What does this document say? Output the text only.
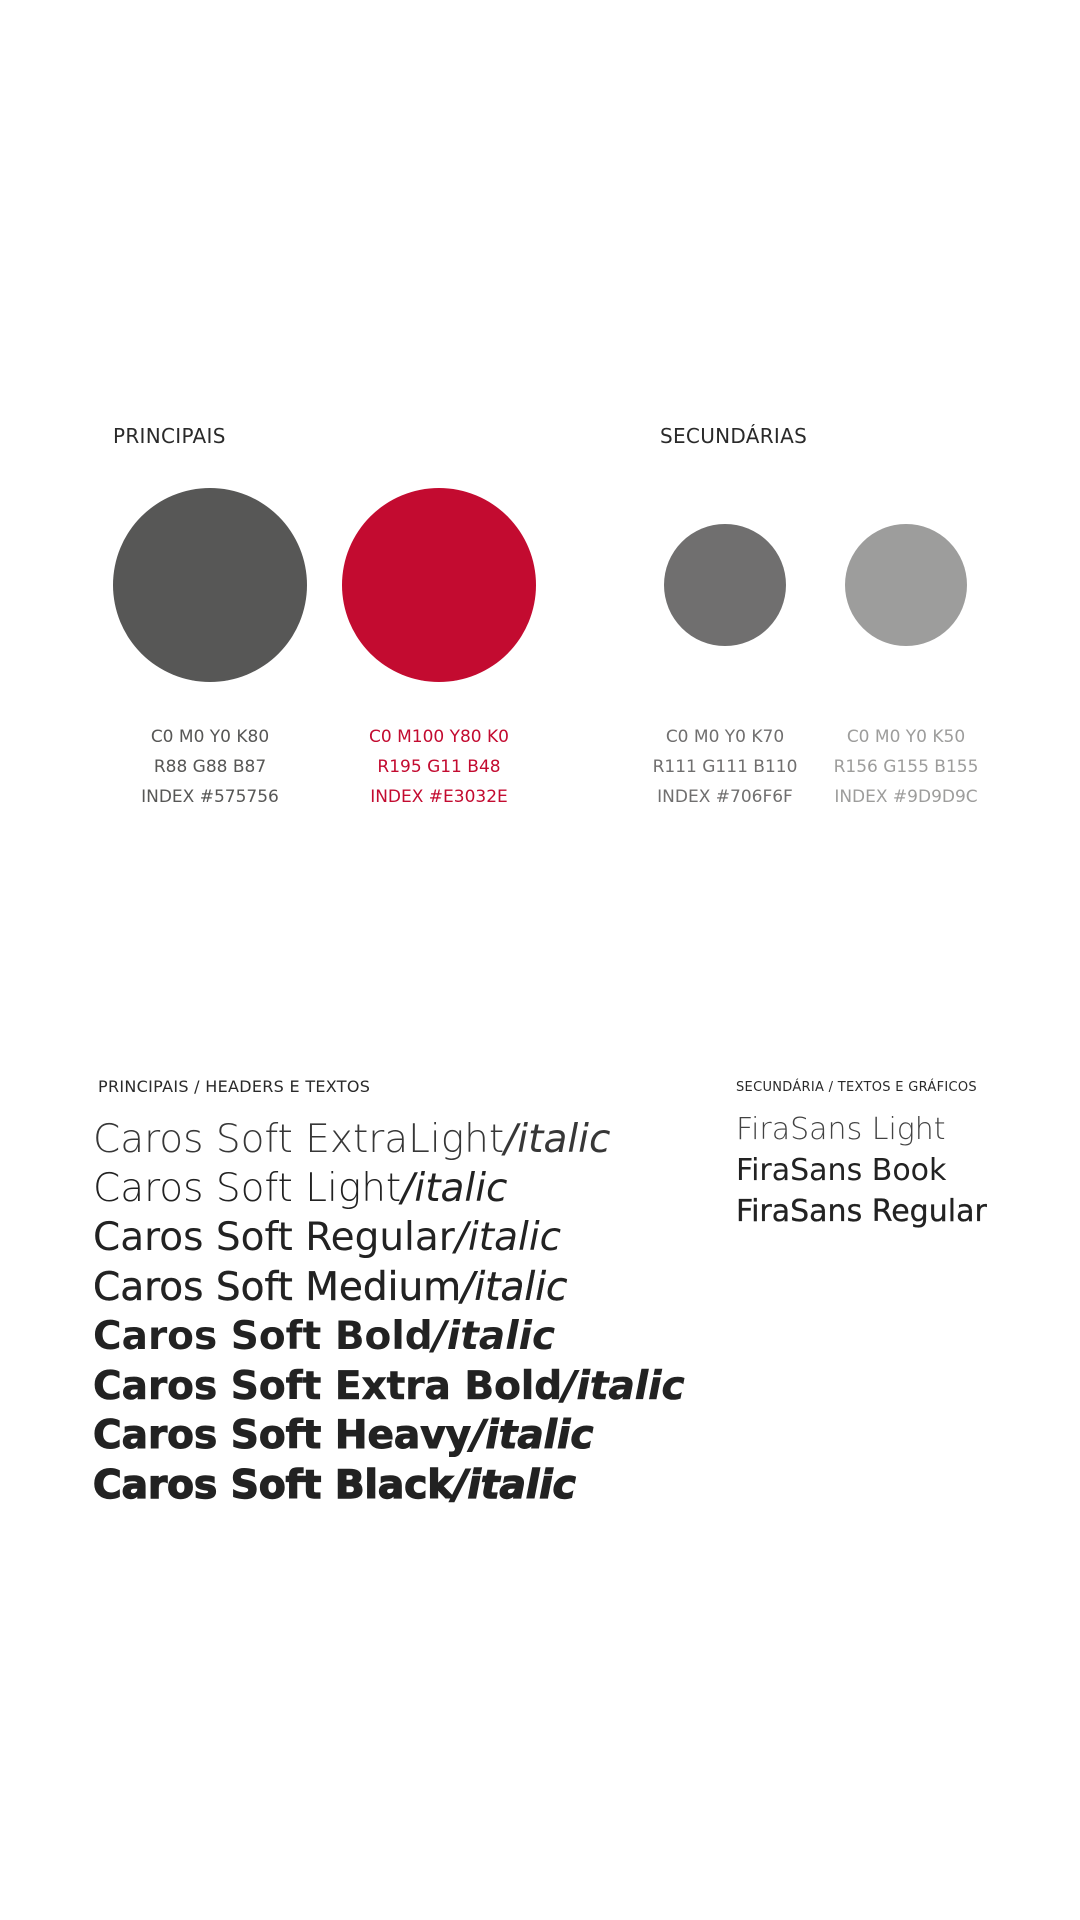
PRINCIPAIS	SECUNDÁRIAS
C0 M0 Y0 K80
R88 G88 B87
INDEX #575756
C0 M100 Y80 K0
R195 G11 B48
INDEX #E3032E
C0 M0 Y0 K70
R111 G111 B110
INDEX #706F6F
C0 M0 Y0 K50
R156 G155 B155
INDEX #9D9D9C
PRINCIPAIS / HEADERS E TEXTOS	SECUNDÁRIA / TEXTOS E GRÁFICOS
Caros Soft ExtraLight/italic
Caros Soft Light/italic
Caros Soft Regular/italic
Caros Soft Medium/italic
Caros Soft Bold/italic
Caros Soft Extra Bold/italic
Caros Soft Heavy/italic
Caros Soft Black/italic
FiraSans Light
FiraSans Book
FiraSans Regular
